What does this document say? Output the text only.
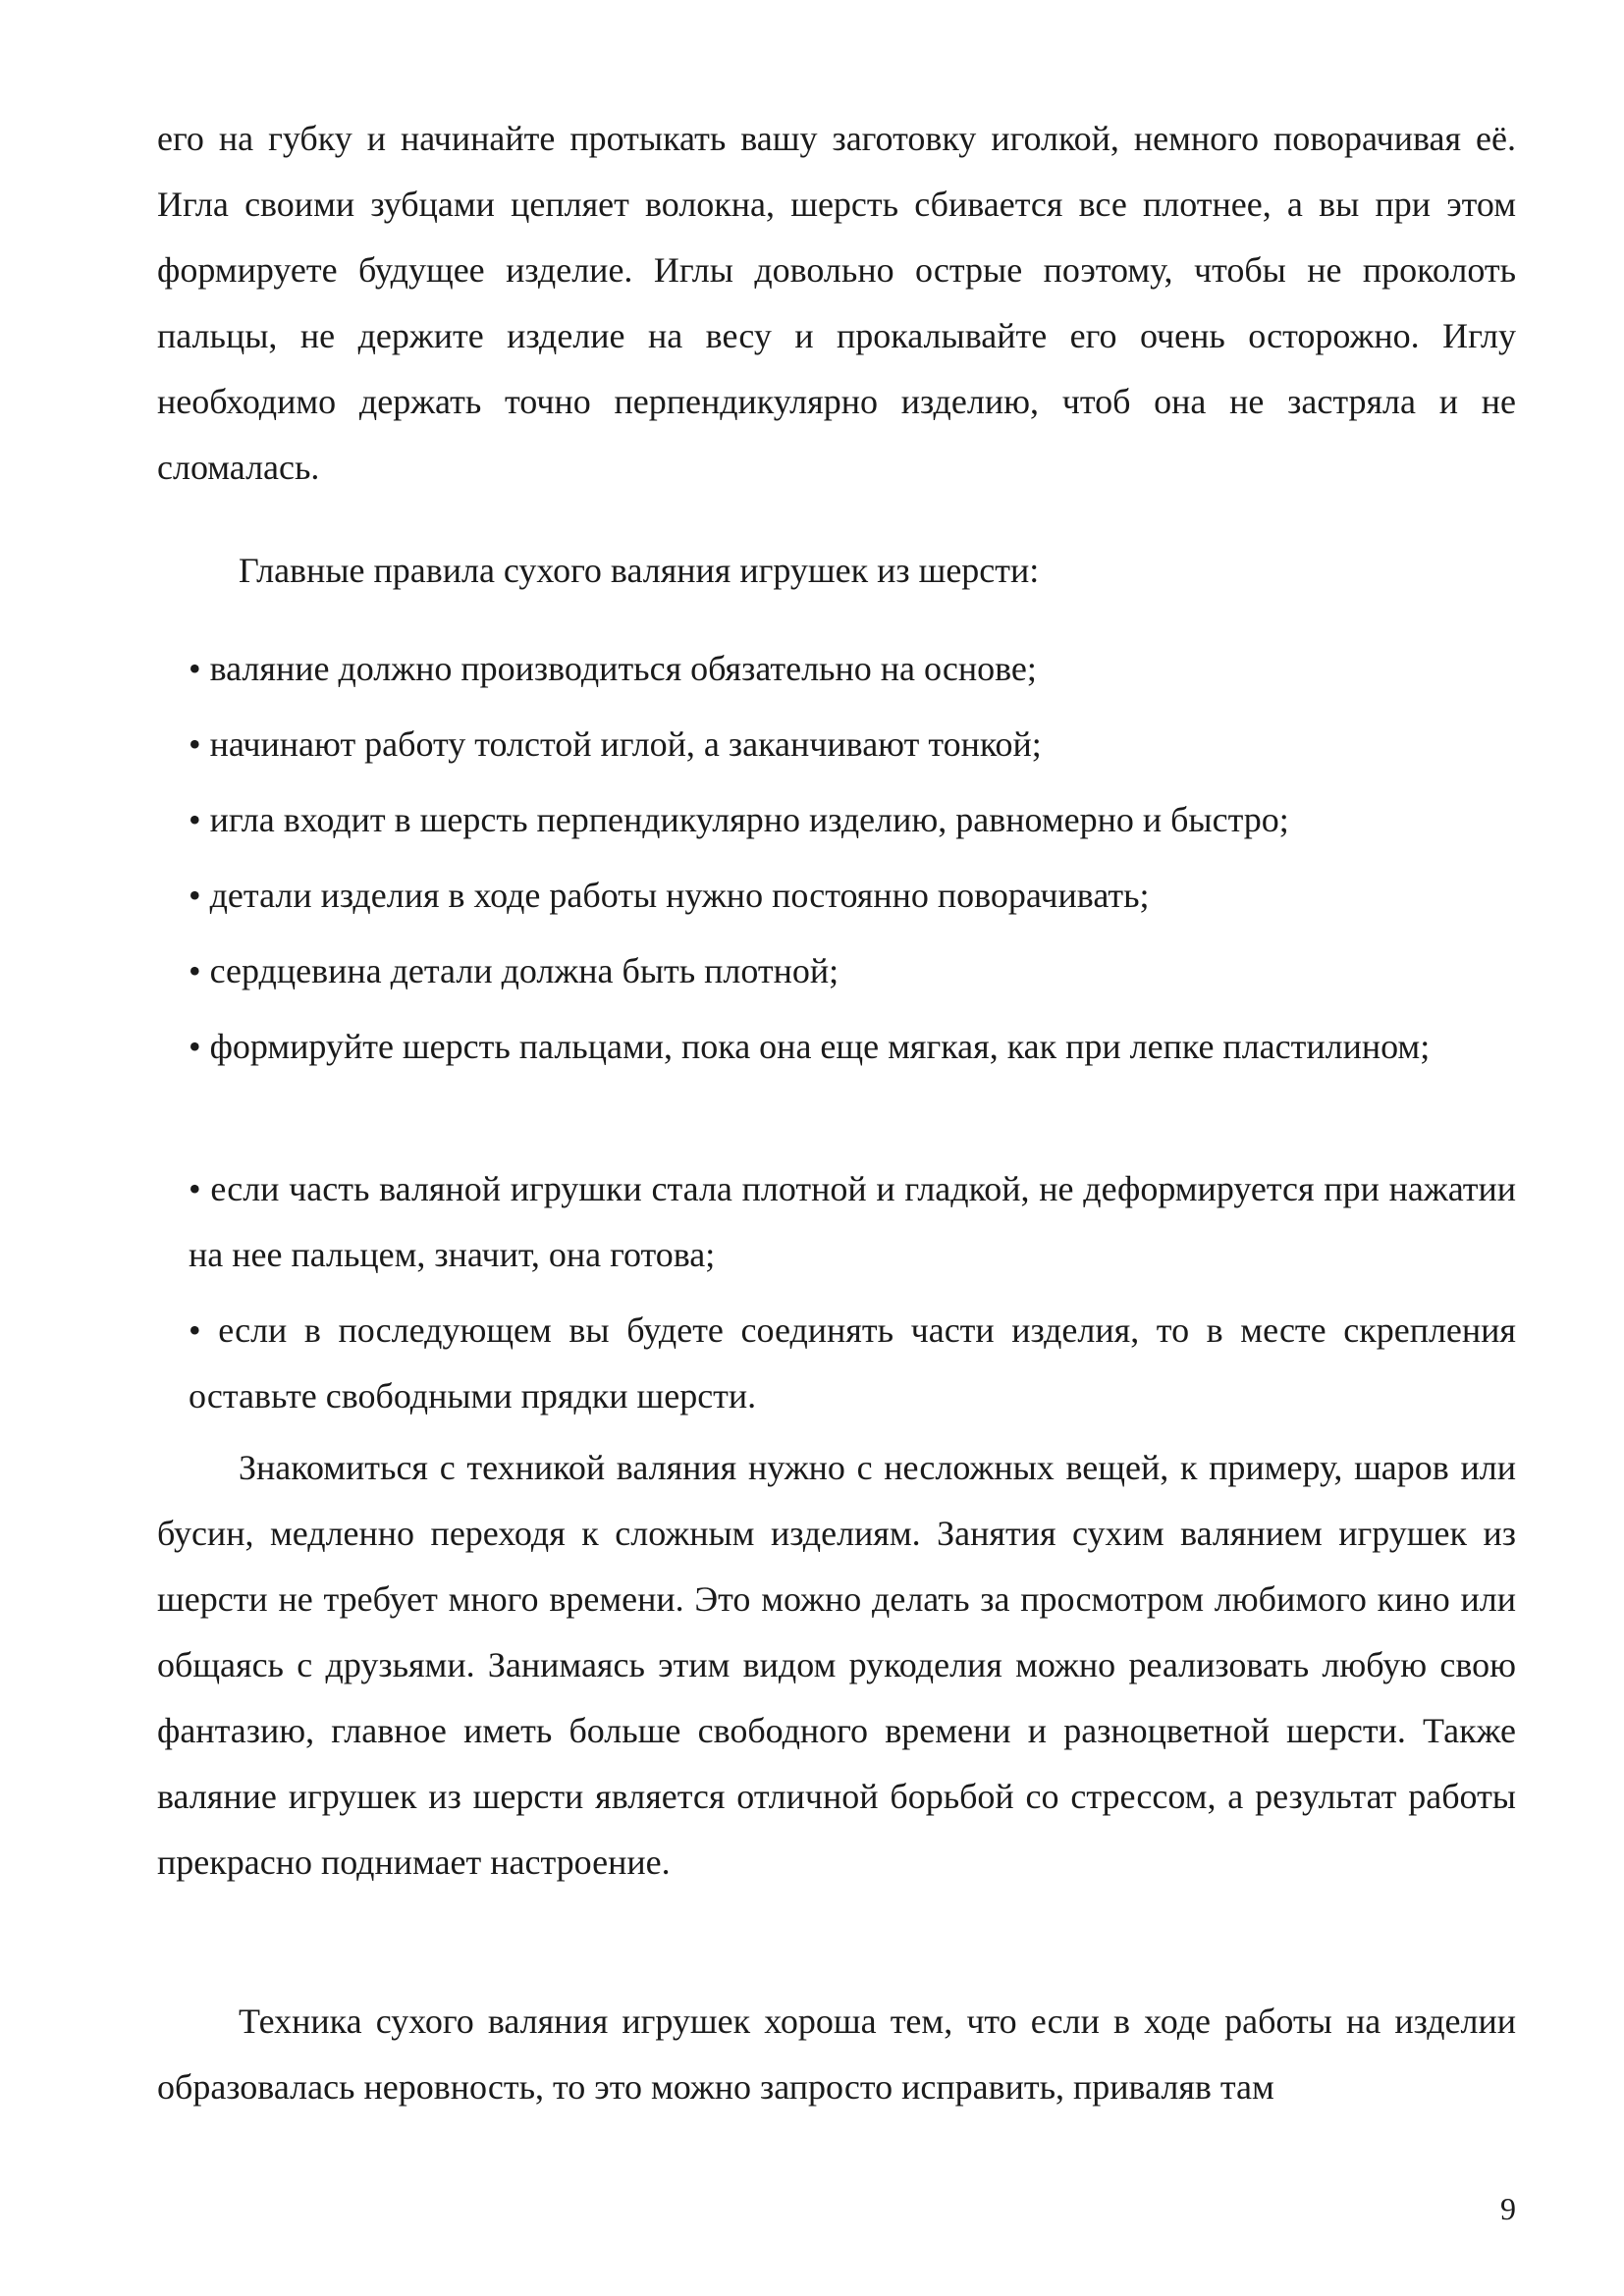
его на губку и начинайте протыкать вашу заготовку иголкой, немного поворачивая её. Игла своими зубцами цепляет волокна, шерсть сбивается все плотнее, а вы при этом формируете будущее изделие. Иглы довольно острые поэтому, чтобы не проколоть пальцы, не держите изделие на весу и прокалывайте его очень осторожно. Иглу необходимо держать точно перпендикулярно изделию, чтоб она не застряла и не сломалась.

Главные правила сухого валяния игрушек из шерсти:

• валяние должно производиться обязательно на основе;
• начинают работу толстой иглой, а заканчивают тонкой;
• игла входит в шерсть перпендикулярно изделию, равномерно и быстро;
• детали изделия в ходе работы нужно постоянно поворачивать;
• сердцевина детали должна быть плотной;
• формируйте шерсть пальцами, пока она еще мягкая, как при лепке пластилином;
• если часть валяной игрушки стала плотной и гладкой, не деформируется при нажатии на нее пальцем, значит, она готова;
• если в последующем вы будете соединять части изделия, то в месте скрепления оставьте свободными прядки шерсти.

Знакомиться с техникой валяния нужно с несложных вещей, к примеру, шаров или бусин, медленно переходя к сложным изделиям. Занятия сухим валянием игрушек из шерсти не требует много времени. Это можно делать за просмотром любимого кино или общаясь с друзьями. Занимаясь этим видом рукоделия можно реализовать любую свою фантазию, главное иметь больше свободного времени и разноцветной шерсти. Также валяние игрушек из шерсти является отличной борьбой со стрессом, а результат работы прекрасно поднимает настроение.

Техника сухого валяния игрушек хороша тем, что если в ходе работы на изделии образовалась неровность, то это можно запросто исправить, приваляв там

9
